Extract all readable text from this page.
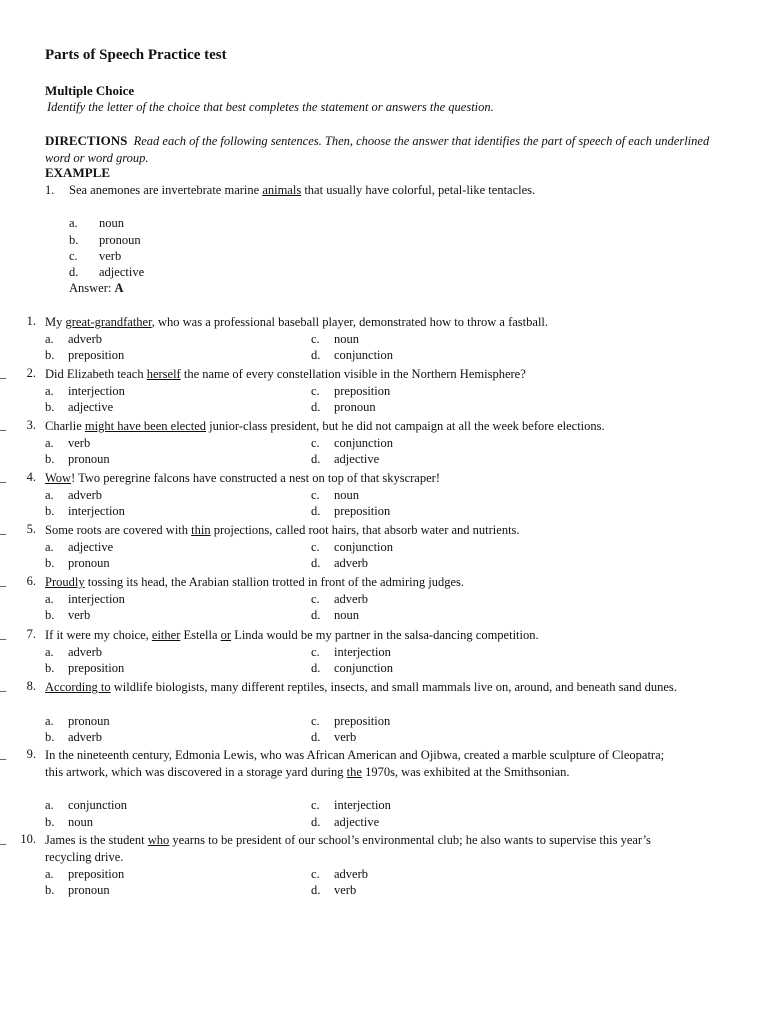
Parts of Speech Practice test
Multiple Choice
Identify the letter of the choice that best completes the statement or answers the question.
DIRECTIONS Read each of the following sentences. Then, choose the answer that identifies the part of speech of each underlined word or word group.
EXAMPLE
1. Sea anemones are invertebrate marine animals that usually have colorful, petal-like tentacles.
a. noun
b. pronoun
c. verb
d. adjective
Answer: A
1. My great-grandfather, who was a professional baseball player, demonstrated how to throw a fastball.
a. adverb
b. preposition
c. noun
d. conjunction
_	2. Did Elizabeth teach herself the name of every constellation visible in the Northern Hemisphere?
a. interjection
b. adjective
c. preposition
d. pronoun
_	3. Charlie might have been elected junior-class president, but he did not campaign at all the week before elections.
a. verb
b. pronoun
c. conjunction
d. adjective
_	4. Wow! Two peregrine falcons have constructed a nest on top of that skyscraper!
a. adverb
b. interjection
c. noun
d. preposition
_	5. Some roots are covered with thin projections, called root hairs, that absorb water and nutrients.
a. adjective
b. pronoun
c. conjunction
d. adverb
_	6. Proudly tossing its head, the Arabian stallion trotted in front of the admiring judges.
a. interjection
b. verb
c. adverb
d. noun
_	7. If it were my choice, either Estella or Linda would be my partner in the salsa-dancing competition.
a. adverb
b. preposition
c. interjection
d. conjunction
_	8. According to wildlife biologists, many different reptiles, insects, and small mammals live on, around, and beneath sand dunes.
a. pronoun
b. adverb
c. preposition
d. verb
_	9. In the nineteenth century, Edmonia Lewis, who was African American and Ojibwa, created a marble sculpture of Cleopatra; this artwork, which was discovered in a storage yard during the 1970s, was exhibited at the Smithsonian.
a. conjunction
b. noun
c. interjection
d. adjective
_	10. James is the student who yearns to be president of our school’s environmental club; he also wants to supervise this year’s recycling drive.
a. preposition
b. pronoun
c. adverb
d. verb
